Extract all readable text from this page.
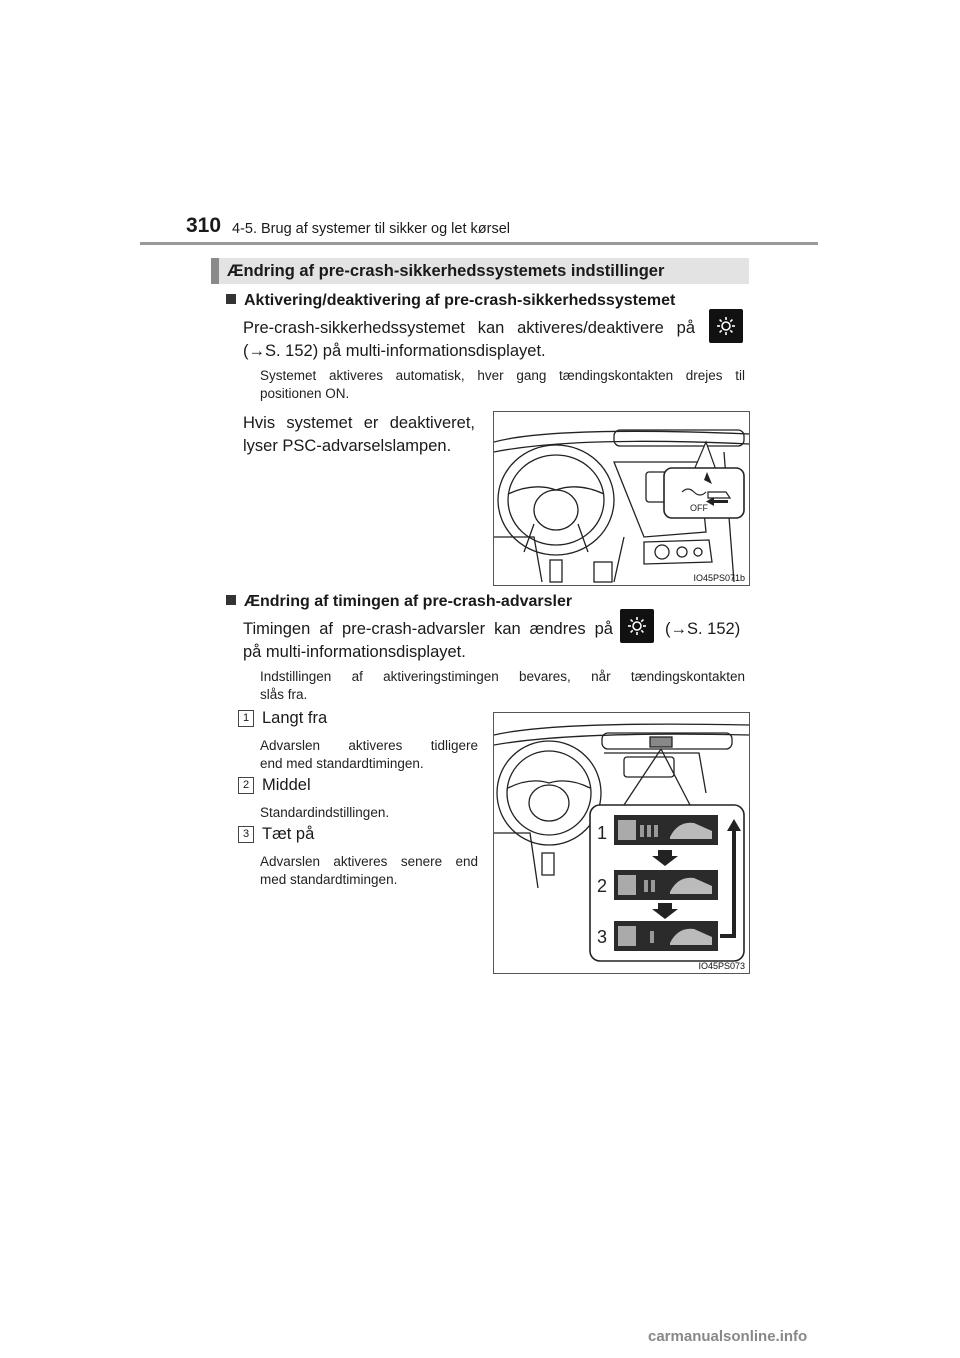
310 4-5. Brug af systemer til sikker og let kørsel
Ændring af pre-crash-sikkerhedssystemets indstillinger
Aktivering/deaktivering af pre-crash-sikkerhedssystemet
Pre-crash-sikkerhedssystemet kan aktiveres/deaktivere på
(→S. 152) på multi-informationsdisplayet.
Systemet aktiveres automatisk, hver gang tændingskontakten drejes til
positionen ON.
Hvis systemet er deaktiveret,
lyser PSC-advarselslampen.
OFF
IO45PS071b
Ændring af timingen af pre-crash-advarsler
Timingen af pre-crash-advarsler kan ændres på	(→S. 152)
på multi-informationsdisplayet.
Indstillingen af aktiveringstimingen bevares, når tændingskontakten
slås fra.
1 Langt fra
Advarslen aktiveres tidligere
end med standardtimingen.
2 Middel
Standardindstillingen.
3 Tæt på
Advarslen aktiveres senere end
med standardtimingen.
1
2
3
IO45PS073
carmanualsonline.info
